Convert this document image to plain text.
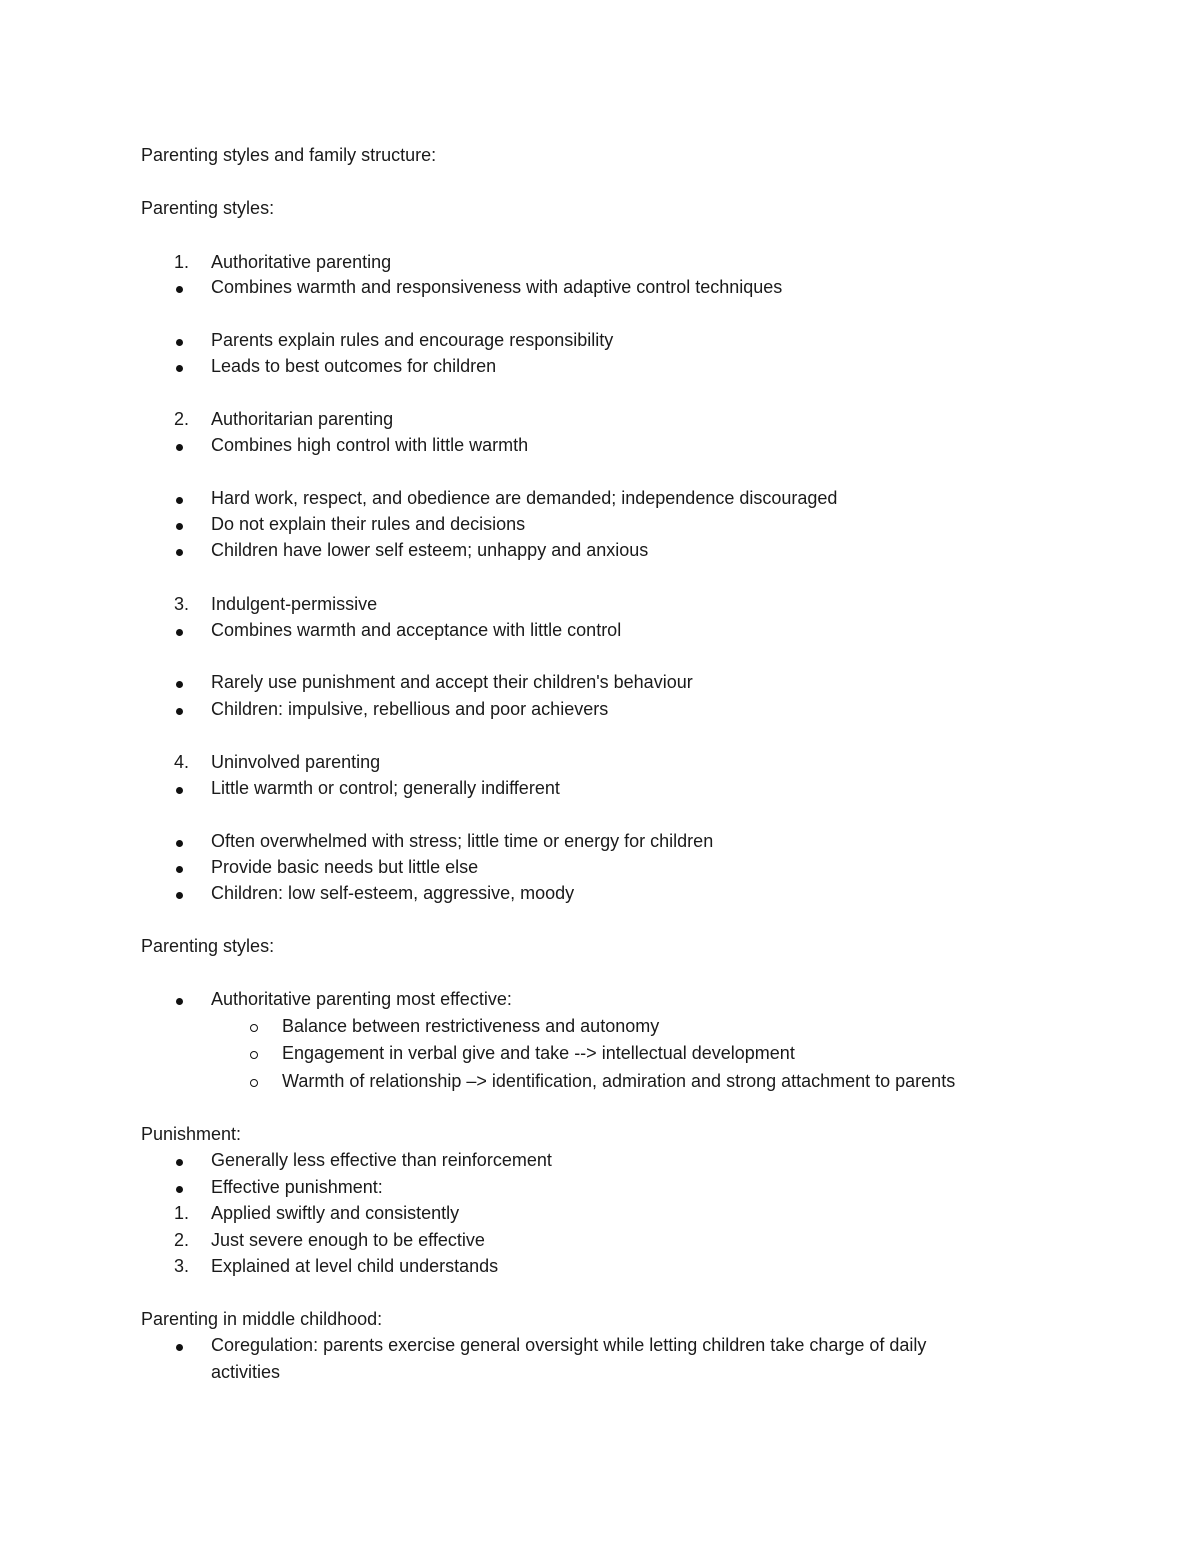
Parenting styles and family structure:
Parenting styles:
1. Authoritative parenting
Combines warmth and responsiveness with adaptive control techniques
Parents explain rules and encourage responsibility
Leads to best outcomes for children
2. Authoritarian parenting
Combines high control with little warmth
Hard work, respect, and obedience are demanded; independence discouraged
Do not explain their rules and decisions
Children have lower self esteem; unhappy and anxious
3. Indulgent-permissive
Combines warmth and acceptance with little control
Rarely use punishment and accept their children's behaviour
Children: impulsive, rebellious and poor achievers
4. Uninvolved parenting
Little warmth or control; generally indifferent
Often overwhelmed with stress; little time or energy for children
Provide basic needs but little else
Children: low self-esteem, aggressive, moody
Parenting styles:
Authoritative parenting most effective:
Balance between restrictiveness and autonomy
Engagement in verbal give and take --> intellectual development
Warmth of relationship –> identification, admiration and strong attachment to parents
Punishment:
Generally less effective than reinforcement
Effective punishment:
1. Applied swiftly and consistently
2. Just severe enough to be effective
3. Explained at level child understands
Parenting in middle childhood:
Coregulation: parents exercise general oversight while letting children take charge of daily
activities
